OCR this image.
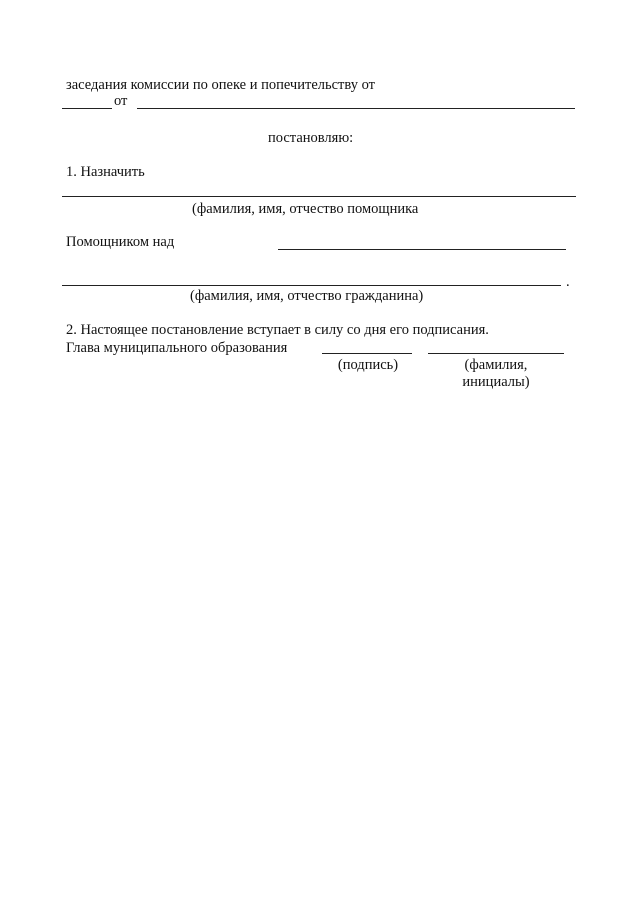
заседания комиссии по опеке и попечительству от
от
постановляю:
1. Назначить
(фамилия, имя, отчество помощника
Помощником над
.
(фамилия, имя, отчество гражданина)
2. Настоящее постановление вступает в силу со дня его подписания.
Глава муниципального образования
(подпись)	(фамилия,
инициалы)
